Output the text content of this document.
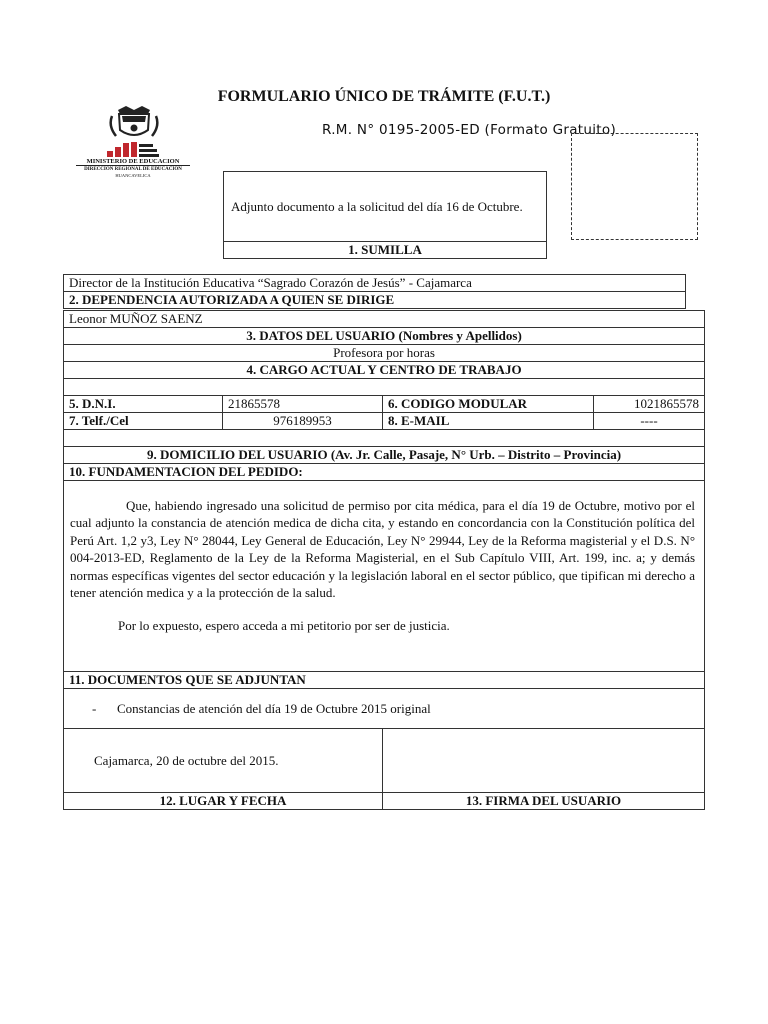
FORMULARIO ÚNICO DE TRÁMITE (F.U.T.)
R.M. N° 0195-2005-ED (Formato Gratuito)
MINISTERIO DE EDUCACION
DIRECCION REGIONAL DE EDUCACION
HUANCAVELICA
Adjunto documento a la solicitud del día 16 de Octubre.
1. SUMILLA
Director de la Institución Educativa “Sagrado Corazón de Jesús” - Cajamarca
2. DEPENDENCIA AUTORIZADA A QUIEN SE DIRIGE
Leonor MUÑOZ SAENZ			
3. DATOS DEL USUARIO (Nombres y Apellidos)			
Profesora por horas			
4. CARGO ACTUAL Y CENTRO DE TRABAJO			

5. D.N.I.	21865578	6. CODIGO MODULAR	1021865578
7. Telf./Cel	976189953	8. E-MAIL	----

9. DOMICILIO DEL USUARIO (Av. Jr. Calle, Pasaje, N° Urb. – Distrito – Provincia)			
10. FUNDAMENTACION DEL PEDIDO:			

Que, habiendo ingresado una solicitud de permiso por cita médica, para el día 19 de Octubre, motivo por el cual adjunto la constancia de atención medica de dicha cita, y estando en concordancia con la Constitución política del Perú Art. 1,2 y3, Ley N° 28044, Ley General de Educación, Ley N° 29944, Ley de la Reforma magisterial y el D.S. N° 004-2013-ED, Reglamento de la Ley de la Reforma Magisterial, en el Sub Capítulo VIII, Art. 199, inc. a; y demás normas específicas vigentes del sector educación y la legislación laboral en el sector público, que tipifican mi derecho a tener atención medica y a la protección de la salud.

Por lo expuesto, espero acceda a mi petitorio por ser de justicia.			

11. DOCUMENTOS QUE SE ADJUNTAN			
- Constancias de atención del día 19 de Octubre 2015 original			
Cajamarca, 20 de octubre del 2015.			
12. LUGAR Y FECHA		13. FIRMA DEL USUARIO	
